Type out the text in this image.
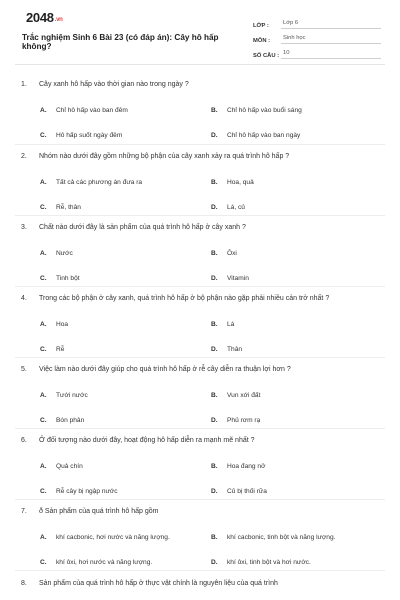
2048.vn
Trắc nghiệm Sinh 6 Bài 23 (có đáp án): Cây hô hấp không?
LỚP :	Lớp 6
MÔN :	Sinh học
SỐ CÂU : 10
1. Cây xanh hô hấp vào thời gian nào trong ngày ?
A. Chỉ hô hấp vào ban đêm	B. Chỉ hô hấp vào buổi sáng
C. Hô hấp suốt ngày đêm	D. Chỉ hô hấp vào ban ngày
2. Nhóm nào dưới đây gồm những bộ phận của cây xanh xảy ra quá trình hô hấp ?
A. Tất cả các phương án đưa ra	B. Hoa, quả
C. Rễ, thân	D. Lá, củ
3. Chất nào dưới đây là sản phẩm của quá trình hô hấp ở cây xanh ?
A. Nước	B. Ôxi
C. Tinh bột	D. Vitamin
4. Trong các bộ phận ở cây xanh, quá trình hô hấp ở bộ phận nào gặp phải nhiều cản trở nhất ?
A. Hoa	B. Lá
C. Rễ	D. Thân
5. Việc làm nào dưới đây giúp cho quá trình hô hấp ở rễ cây diễn ra thuận lợi hơn ?
A. Tưới nước	B. Vun xới đất
C. Bón phân	D. Phủ rơm rạ
6. Ở đối tượng nào dưới đây, hoạt động hô hấp diễn ra mạnh mẽ nhất ?
A. Quả chín	B. Hoa đang nở
C. Rễ cây bị ngập nước	D. Củ bị thối rữa
7. ð Sản phẩm của quá trình hô hấp gồm
A. khí cacbonic, hơi nước và năng lượng.	B. khí cacbonic, tinh bột và năng lượng.
C. khí ôxi, hơi nước và năng lượng.	D. khí ôxi, tinh bột và hơi nước.
8. Sản phẩm của quá trình hô hấp ở thực vật chính là nguyên liệu của quá trình
